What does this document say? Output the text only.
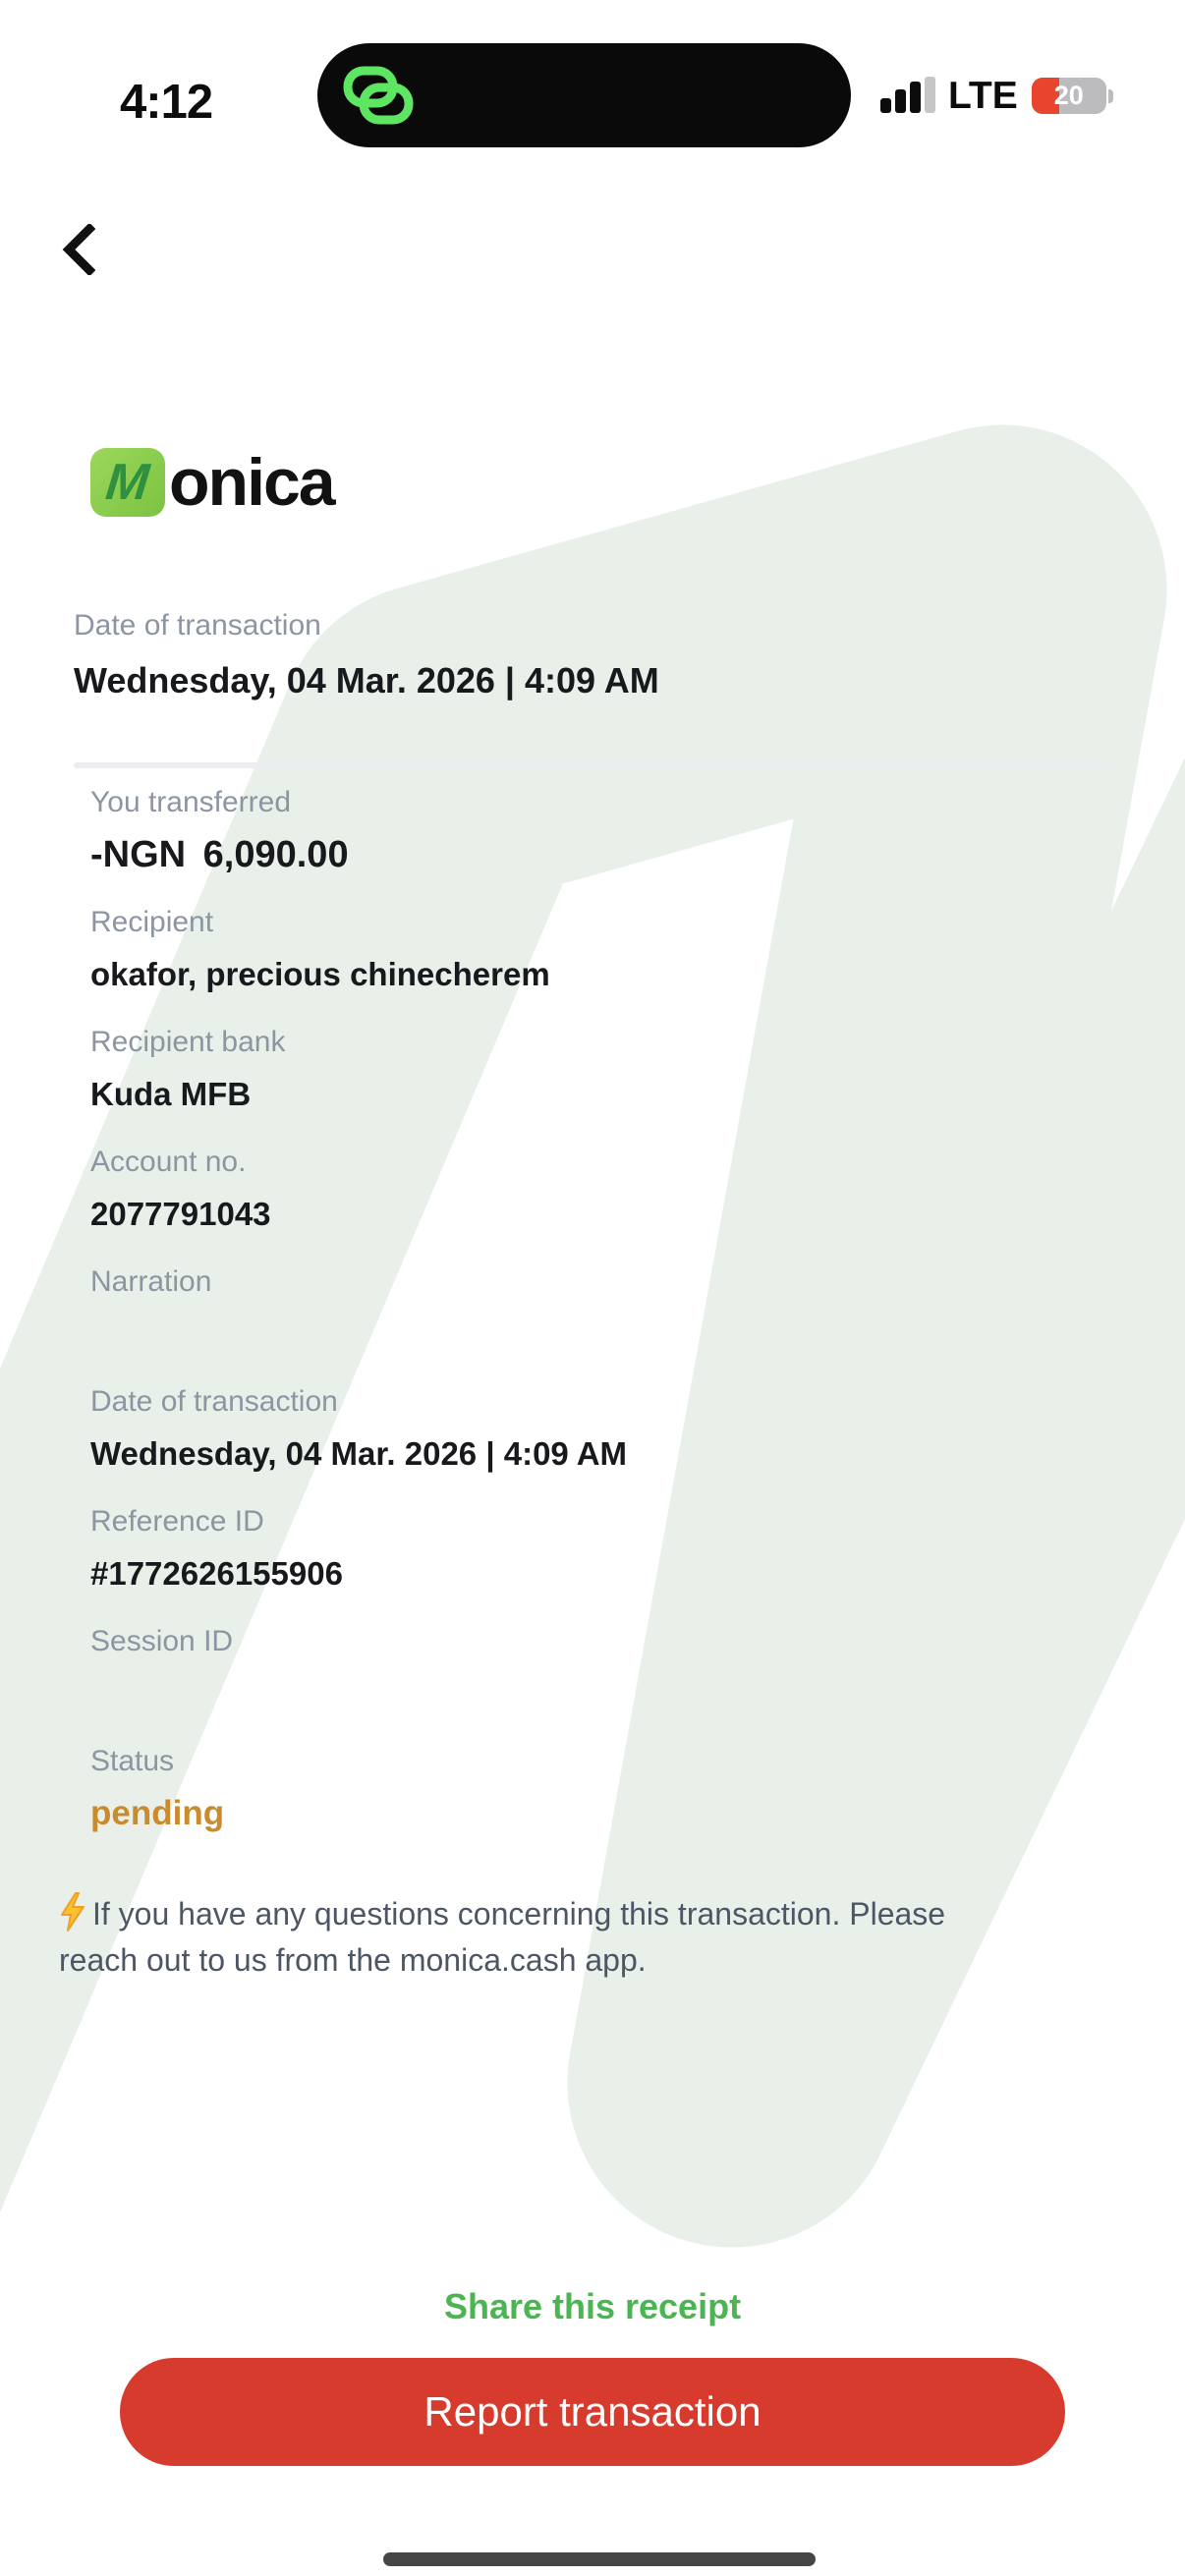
4:12	LTE	20
M onica
Date of transaction
Wednesday, 04 Mar. 2026 | 4:09 AM
You transferred
-NGN 6,090.00
Recipient
okafor, precious chinecherem
Recipient bank
Kuda MFB
Account no.
2077791043
Narration
Date of transaction
Wednesday, 04 Mar. 2026 | 4:09 AM
Reference ID
#1772626155906
Session ID
Status
pending
If you have any questions concerning this transaction. Please reach out to us from the monica.cash app.
Share this receipt
Report transaction
